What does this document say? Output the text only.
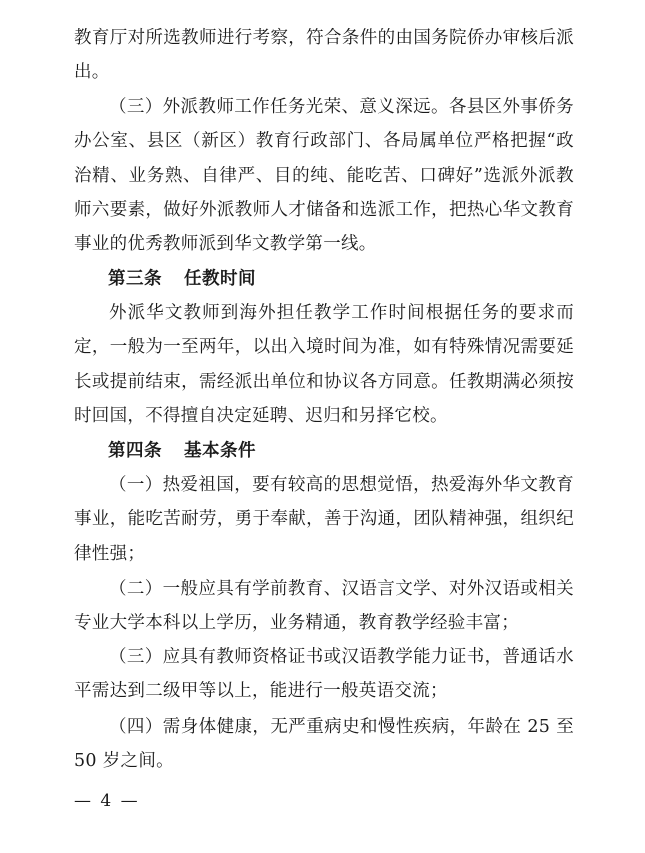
教育厅对所选教师进行考察，符合条件的由国务院侨办审核后派出。

（三）外派教师工作任务光荣、意义深远。各县区外事侨务办公室、县区（新区）教育行政部门、各局属单位严格把握“政治精、业务熟、自律严、目的纯、能吃苦、口碑好”选派外派教师六要素，做好外派教师人才储备和选派工作，把热心华文教育事业的优秀教师派到华文教学第一线。

第三条 任教时间

外派华文教师到海外担任教学工作时间根据任务的要求而定，一般为一至两年，以出入境时间为准，如有特殊情况需要延长或提前结束，需经派出单位和协议各方同意。任教期满必须按时回国，不得擅自决定延聘、迟归和另择它校。

第四条 基本条件

（一）热爱祖国，要有较高的思想觉悟，热爱海外华文教育事业，能吃苦耐劳，勇于奉献，善于沟通，团队精神强，组织纪律性强；

（二）一般应具有学前教育、汉语言文学、对外汉语或相关专业大学本科以上学历，业务精通，教育教学经验丰富；

（三）应具有教师资格证书或汉语教学能力证书，普通话水平需达到二级甲等以上，能进行一般英语交流；

（四）需身体健康，无严重病史和慢性疾病，年龄在 25 至 50 岁之间。

— 4 —
